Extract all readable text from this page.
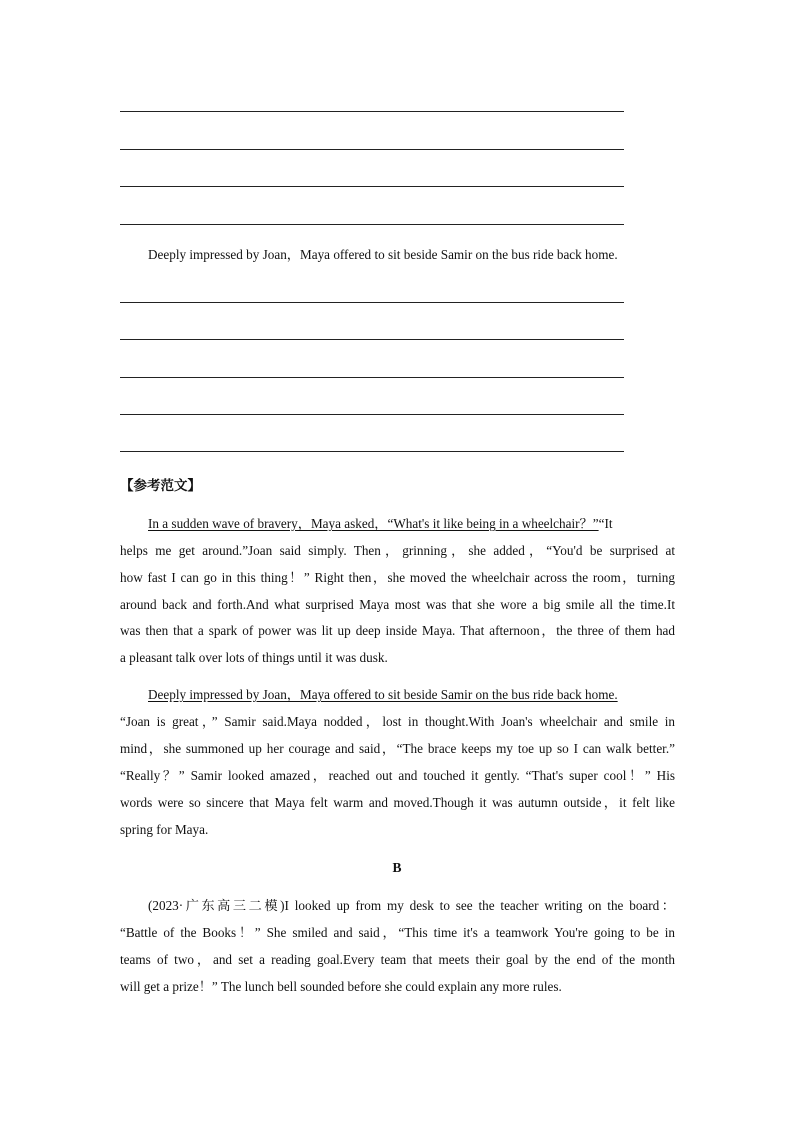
Deeply impressed by Joan，Maya offered to sit beside Samir on the bus ride back home.
【参考范文】
In a sudden wave of bravery，Maya asked，“What's it like being in a wheelchair？”“It
helps me get around.”Joan said simply. Then，grinning，she added，“You'd be surprised at
how fast I can go in this thing！” Right then，she moved the wheelchair across the room，turning
around back and forth.And what surprised Maya most was that she wore a big smile all the time.It
was then that a spark of power was lit up deep inside Maya. That afternoon，the three of them had
a pleasant talk over lots of things until it was dusk.
Deeply impressed by Joan，Maya offered to sit beside Samir on the bus ride back home.
“Joan is great，” Samir said.Maya nodded，lost in thought.With Joan's wheelchair and smile in
mind，she summoned up her courage and said，“The brace keeps my toe up so I can walk better.”
“Really？” Samir looked amazed，reached out and touched it gently. “That's super cool！” His
words were so sincere that Maya felt warm and moved.Though it was autumn outside，it felt like
spring for Maya.
B
(2023·广东高三二模)I looked up from my desk to see the teacher writing on the board：
“Battle of the Books！” She smiled and said，“This time it's a teamwork You're going to be in
teams of two，and set a reading goal.Every team that meets their goal by the end of the month
will get a prize！” The lunch bell sounded before she could explain any more rules.
